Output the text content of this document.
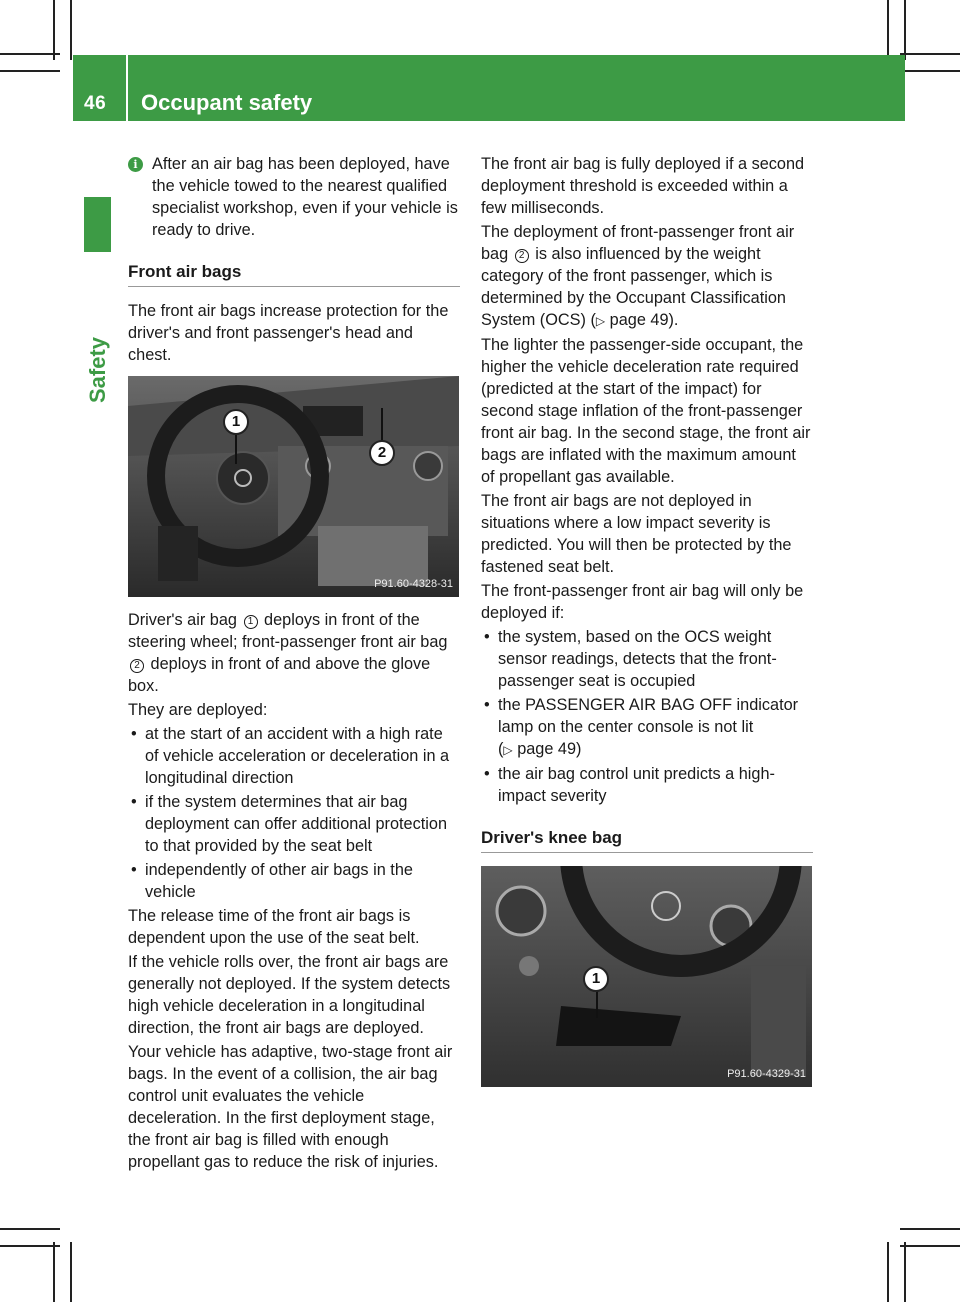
46 Occupant safety
Safety

i After an air bag has been deployed, have the vehicle towed to the nearest qualified specialist workshop, even if your vehicle is ready to drive.

Front air bags

The front air bags increase protection for the driver's and front passenger's head and chest.

1
2
P91.60-4328-31

Driver's air bag 1 deploys in front of the steering wheel; front-passenger front air bag 2 deploys in front of and above the glove box.

They are deployed:

• at the start of an accident with a high rate of vehicle acceleration or deceleration in a longitudinal direction
• if the system determines that air bag deployment can offer additional protection to that provided by the seat belt
• independently of other air bags in the vehicle

The release time of the front air bags is dependent upon the use of the seat belt.

If the vehicle rolls over, the front air bags are generally not deployed. If the system detects high vehicle deceleration in a longitudinal direction, the front air bags are deployed.

Your vehicle has adaptive, two-stage front air bags. In the event of a collision, the air bag control unit evaluates the vehicle deceleration. In the first deployment stage, the front air bag is filled with enough propellant gas to reduce the risk of injuries.

The front air bag is fully deployed if a second deployment threshold is exceeded within a few milliseconds.

The deployment of front-passenger front air bag 2 is also influenced by the weight category of the front passenger, which is determined by the Occupant Classification System (OCS) (▷ page 49).

The lighter the passenger-side occupant, the higher the vehicle deceleration rate required (predicted at the start of the impact) for second stage inflation of the front-passenger front air bag. In the second stage, the front air bags are inflated with the maximum amount of propellant gas available.

The front air bags are not deployed in situations where a low impact severity is predicted. You will then be protected by the fastened seat belt.

The front-passenger front air bag will only be deployed if:

• the system, based on the OCS weight sensor readings, detects that the front-passenger seat is occupied
• the PASSENGER AIR BAG OFF indicator lamp on the center console is not lit
(▷ page 49)
• the air bag control unit predicts a high-impact severity
Driver's knee bag
1
P91.60-4329-31
